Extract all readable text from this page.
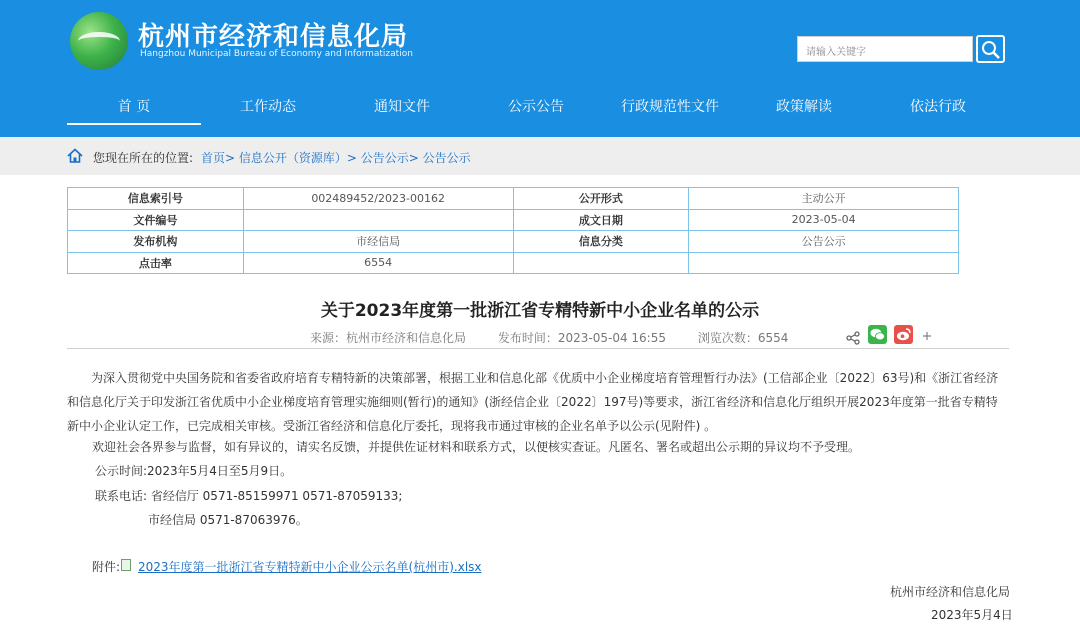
杭州市经济和信息化局
Hangzhou Municipal Bureau of Economy and Informatization	请输入关键字
首 页	工作动态	通知文件	公示公告	行政规范性文件	政策解读	依法行政
您现在所在的位置: 首页> 信息公开（资源库）> 公告公示> 公告公示
信息索引号	002489452/2023-00162	公开形式	主动公开
文件编号		成文日期	2023-05-04
发布机构	市经信局	信息分类	公告公示
点击率	6554		
关于2023年度第一批浙江省专精特新中小企业名单的公示
来源：杭州市经济和信息化局	发布时间：2023-05-04 16:55	浏览次数：6554
为深入贯彻党中央国务院和省委省政府培育专精特新的决策部署，根据工业和信息化部《优质中小企业梯度培育管理暂行办法》(工信部企业〔2022〕63号)和《浙江省经济和信息化厅关于印发浙江省优质中小企业梯度培育管理实施细则(暂行)的通知》(浙经信企业〔2022〕197号)等要求，浙江省经济和信息化厅组织开展2023年度第一批省专精特新中小企业认定工作，已完成相关审核。受浙江省经济和信息化厅委托，现将我市通过审核的企业名单予以公示(见附件) 。
欢迎社会各界参与监督，如有异议的，请实名反馈，并提供佐证材料和联系方式，以便核实查证。凡匿名、署名或超出公示期的异议均不予受理。
公示时间:2023年5月4日至5月9日。
联系电话: 省经信厅 0571-85159971 0571-87059133;
市经信局 0571-87063976。
附件: 2023年度第一批浙江省专精特新中小企业公示名单(杭州市).xlsx
杭州市经济和信息化局
2023年5月4日
